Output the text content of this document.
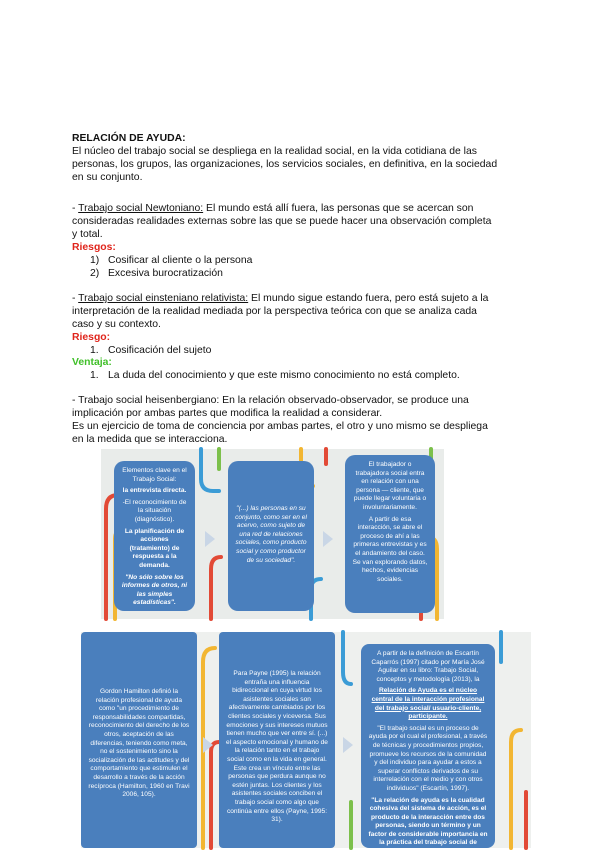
RELACIÓN DE AYUDA:
El núcleo del trabajo social se despliega en la realidad social, en la vida cotidiana de las
personas, los grupos, las organizaciones, los servicios sociales, en definitiva, en la sociedad
en su conjunto.
- Trabajo social Newtoniano: El mundo está allí fuera, las personas que se acercan son
consideradas realidades externas sobre las que se puede hacer una observación completa
y total.
Riesgos:
1) Cosificar al cliente o la persona
2) Excesiva burocratización
- Trabajo social einsteniano relativista: El mundo sigue estando fuera, pero está sujeto a la
interpretación de la realidad mediada por la perspectiva teórica con que se analiza cada
caso y su contexto.
Riesgo:
1. Cosificación del sujeto
Ventaja:
1. La duda del conocimiento y que este mismo conocimiento no está completo.
- Trabajo social heisenbergiano: En la relación observado-observador, se produce una
implicación por ambas partes que modifica la realidad a considerar.
Es un ejercicio de toma de conciencia por ambas partes, el otro y uno mismo se despliega
en la medida que se interacciona.

Elementos clave en el Trabajo Social:

la entrevista directa.

-El reconocimiento de la situación (diagnóstico).

La planificación de acciones (tratamiento) de respuesta a la demanda.

"No sólo sobre los informes de otros, ni las simples estadísticas".

"(...) las personas en su conjunto, como ser en el acervo, como sujeto de una red de relaciones sociales, como producto social y como productor de su sociedad".

El trabajador o trabajadora social entra en relación con una persona — cliente, que puede llegar voluntaria o involuntariamente.

A partir de esa interacción, se abre el proceso de ahí a las primeras entrevistas y es el andamiento del caso. Se van explorando datos, hechos, evidencias sociales.

Gordon Hamilton definió la relación profesional de ayuda como "un procedimiento de responsabilidades compartidas, reconocimiento del derecho de los otros, aceptación de las diferencias, teniendo como meta, no el sostenimiento sino la socialización de las actitudes y del comportamiento que estimulen el desarrollo a través de la acción recíproca (Hamilton, 1960 en Travi 2006, 105).

Para Payne (1995) la relación entraña una influencia bidireccional en cuya virtud los asistentes sociales son afectivamente cambiados por los clientes sociales y viceversa. Sus emociones y sus intereses mutuos tienen mucho que ver entre sí. (...) el aspecto emocional y humano de la relación tanto en el trabajo social como en la vida en general. Este crea un vínculo entre las personas que perdura aunque no estén juntas. Los clientes y los asistentes sociales conciben el trabajo social como algo que continúa entre ellos (Payne, 1995: 31).

A partir de la definición de Escartín Caparrós (1997) citado por María José Aguilar en su libro: Trabajo Social, conceptos y metodología (2013), la

Relación de Ayuda es el núcleo central de la interacción profesional del trabajo social/ usuario-cliente, participante.

"El trabajo social es un proceso de ayuda por el cual el profesional, a través de técnicas y procedimientos propios, promueve los recursos de la comunidad y del individuo para ayudar a estos a superar conflictos derivados de su interrelación con el medio y con otros individuos" (Escartín, 1997).

"La relación de ayuda es la cualidad cohesiva del sistema de acción, es el producto de la interacción entre dos personas, siendo un término y un factor de considerable importancia en la práctica del trabajo social de casos.
